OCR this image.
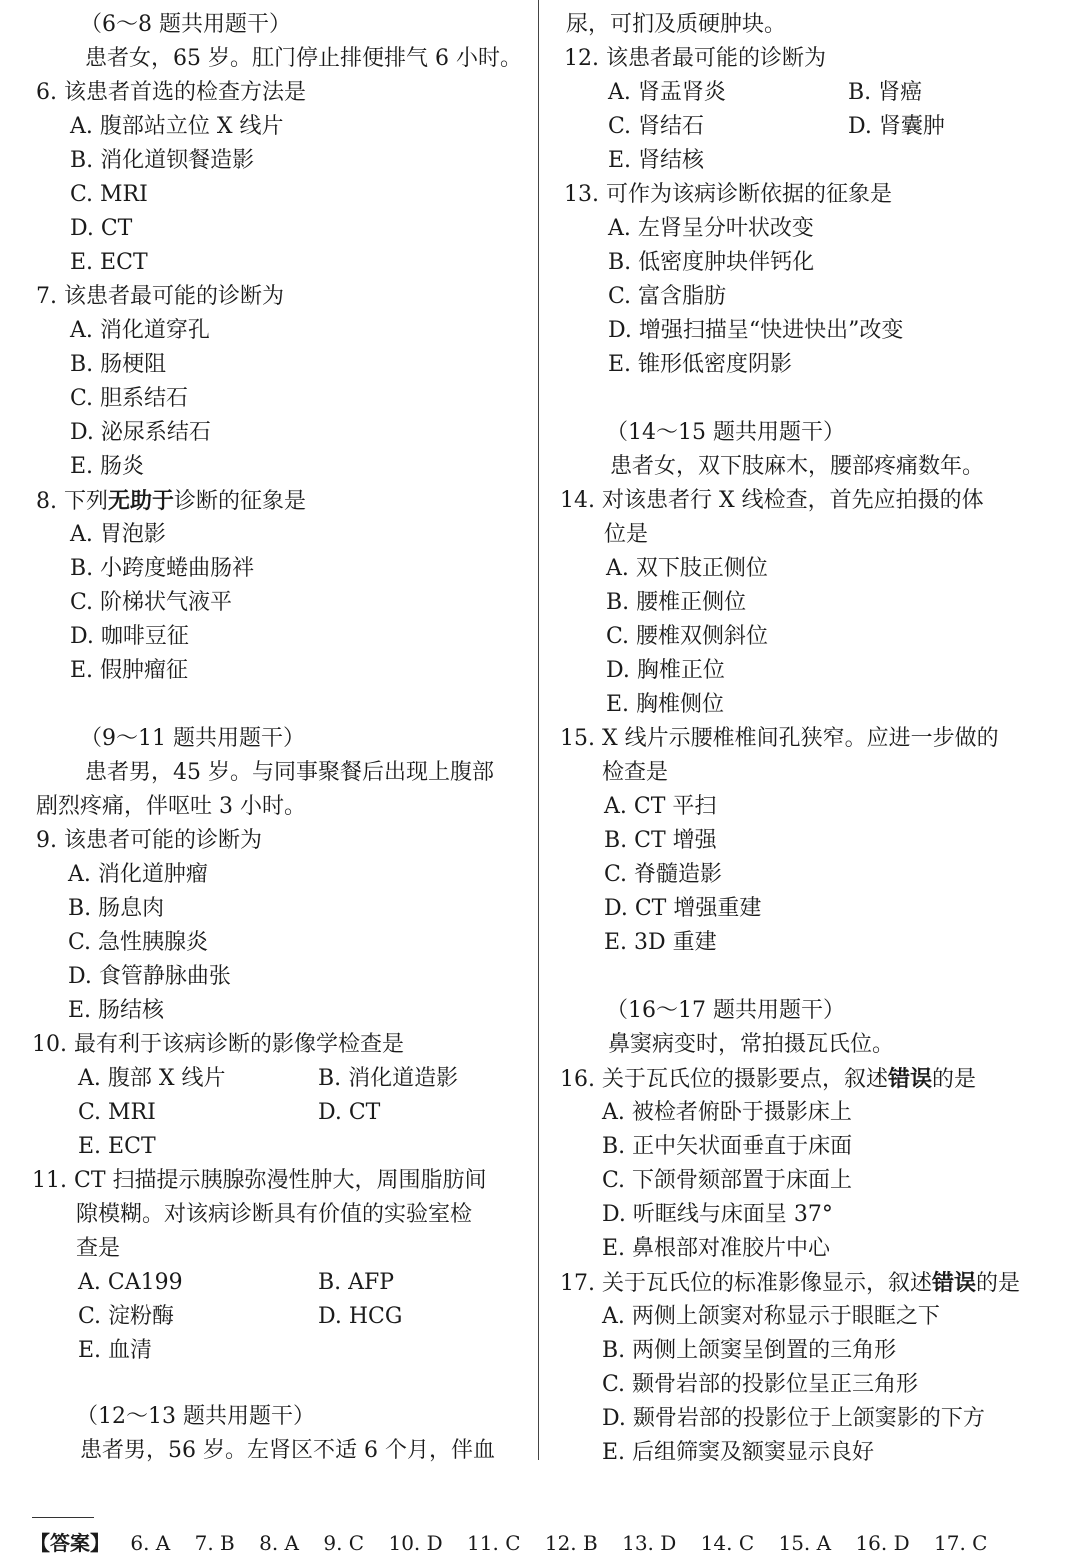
（6～8 题共用题干）
患者女，65 岁。肛门停止排便排气 6 小时。
6. 该患者首选的检查方法是
A. 腹部站立位 X 线片
B. 消化道钡餐造影
C. MRI
D. CT
E. ECT
7. 该患者最可能的诊断为
A. 消化道穿孔
B. 肠梗阻
C. 胆系结石
D. 泌尿系结石
E. 肠炎
8. 下列无助于诊断的征象是
A. 胃泡影
B. 小跨度蜷曲肠袢
C. 阶梯状气液平
D. 咖啡豆征
E. 假肿瘤征
（9～11 题共用题干）
患者男，45 岁。与同事聚餐后出现上腹部
剧烈疼痛，伴呕吐 3 小时。
9. 该患者可能的诊断为
A. 消化道肿瘤
B. 肠息肉
C. 急性胰腺炎
D. 食管静脉曲张
E. 肠结核
10. 最有利于该病诊断的影像学检查是
A. 腹部 X 线片	B. 消化道造影
C. MRI	D. CT
E. ECT
11. CT 扫描提示胰腺弥漫性肿大，周围脂肪间
隙模糊。对该病诊断具有价值的实验室检
查是
A. CA199	B. AFP
C. 淀粉酶	D. HCG
E. 血清
（12～13 题共用题干）
患者男，56 岁。左肾区不适 6 个月，伴血
尿，可扪及质硬肿块。
12. 该患者最可能的诊断为
A. 肾盂肾炎	B. 肾癌
C. 肾结石	D. 肾囊肿
E. 肾结核
13. 可作为该病诊断依据的征象是
A. 左肾呈分叶状改变
B. 低密度肿块伴钙化
C. 富含脂肪
D. 增强扫描呈“快进快出”改变
E. 锥形低密度阴影
（14～15 题共用题干）
患者女，双下肢麻木，腰部疼痛数年。
14. 对该患者行 X 线检查，首先应拍摄的体
位是
A. 双下肢正侧位
B. 腰椎正侧位
C. 腰椎双侧斜位
D. 胸椎正位
E. 胸椎侧位
15. X 线片示腰椎椎间孔狭窄。应进一步做的
检查是
A. CT 平扫
B. CT 增强
C. 脊髓造影
D. CT 增强重建
E. 3D 重建
（16～17 题共用题干）
鼻窦病变时，常拍摄瓦氏位。
16. 关于瓦氏位的摄影要点，叙述错误的是
A. 被检者俯卧于摄影床上
B. 正中矢状面垂直于床面
C. 下颌骨颏部置于床面上
D. 听眶线与床面呈 37°
E. 鼻根部对准胶片中心
17. 关于瓦氏位的标准影像显示，叙述错误的是
A. 两侧上颌窦对称显示于眼眶之下
B. 两侧上颌窦呈倒置的三角形
C. 颞骨岩部的投影位呈正三角形
D. 颞骨岩部的投影位于上颌窦影的下方
E. 后组筛窦及额窦显示良好
【答案】 6. A 7. B 8. A 9. C 10. D 11. C 12. B 13. D 14. C 15. A 16. D 17. C
